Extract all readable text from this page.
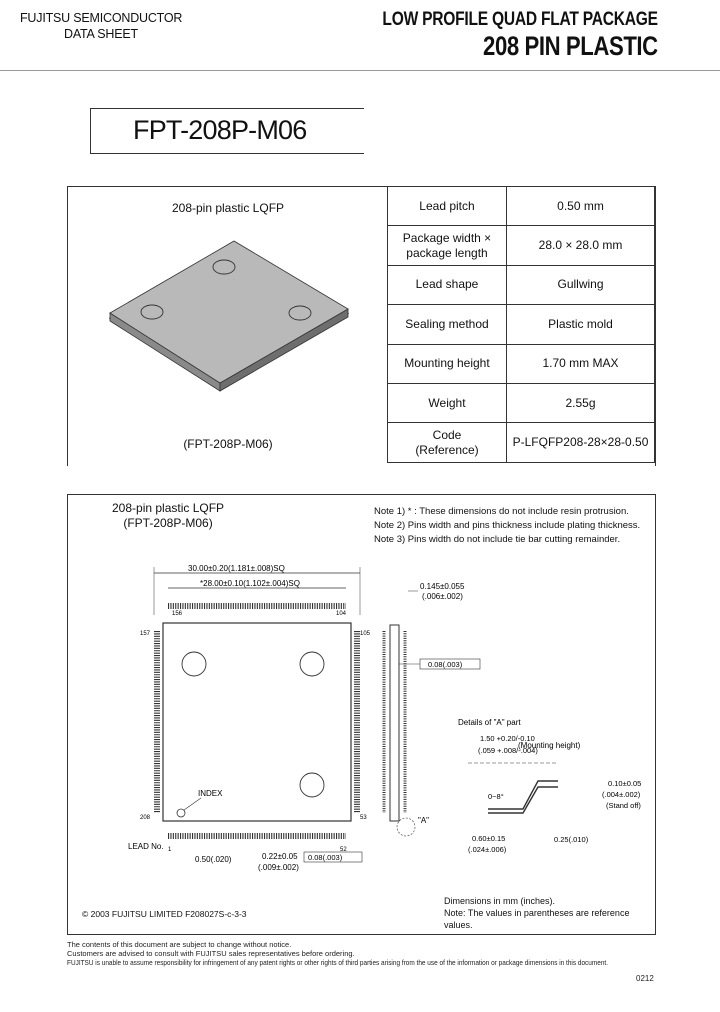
FUJITSU SEMICONDUCTOR
DATA SHEET
LOW PROFILE QUAD FLAT PACKAGE
208 PIN PLASTIC
FPT-208P-M06
208-pin plastic LQFP
(FPT-208P-M06)
Lead pitch	0.50 mm
Package width ×
package length	28.0 × 28.0 mm
Lead shape	Gullwing
Sealing method	Plastic mold
Mounting height	1.70 mm MAX
Weight	2.55g
Code
(Reference)	P-LFQFP208-28×28-0.50
208-pin plastic LQFP
(FPT-208P-M06)
Note 1) * : These dimensions do not include resin protrusion.
Note 2) Pins width and pins thickness include plating thickness.
Note 3) Pins width do not include tie bar cutting remainder.
30.00±0.20(1.181±.008)SQ
*28.00±0.10(1.102±.004)SQ
INDEX
157	105
156	104
208	53
1	52
LEAD No.
0.50(.020)	0.22±0.05
(.009±.002)
0.08(.003)
"A"
0.145±0.055
(.006±.002)
0.08(.003)
Details of "A" part
1.50 +0.20/-0.10
(.059 +.008/-.004)
(Mounting height)
0~8°
0.10±0.05
(.004±.002)
(Stand off)
0.60±0.15
(.024±.006)
0.25(.010)
Dimensions in mm (inches).
Note: The values in parentheses are reference values.
© 2003 FUJITSU LIMITED F208027S-c-3-3
The contents of this document are subject to change without notice.
Customers are advised to consult with FUJITSU sales representatives before ordering.
FUJITSU is unable to assume responsibility for infringement of any patent rights or other rights of third parties arising from the use of the information or package dimensions in this document.
0212
